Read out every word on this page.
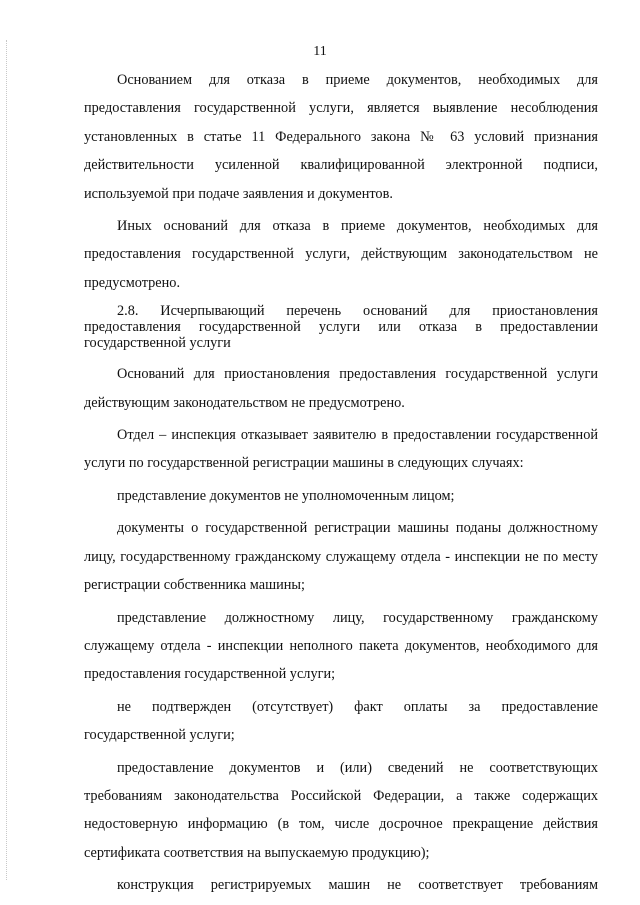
11

Основанием для отказа в приеме документов, необходимых для предоставления государственной услуги, является выявление несоблюдения установленных в статье 11 Федерального закона № 63 условий признания действительности усиленной квалифицированной электронной подписи, используемой при подаче заявления и документов.

Иных оснований для отказа в приеме документов, необходимых для предоставления государственной услуги, действующим законодательством не предусмотрено.

2.8. Исчерпывающий перечень оснований для приостановления предоставления государственной услуги или отказа в предоставлении государственной услуги

Оснований для приостановления предоставления государственной услуги действующим законодательством не предусмотрено.

Отдел – инспекция отказывает заявителю в предоставлении государственной услуги по государственной регистрации машины в следующих случаях:

представление документов не уполномоченным лицом;

документы о государственной регистрации машины поданы должностному лицу, государственному гражданскому служащему отдела - инспекции не по месту регистрации собственника машины;

представление должностному лицу, государственному гражданскому служащему отдела - инспекции неполного пакета документов, необходимого для предоставления государственной услуги;

не подтвержден (отсутствует) факт оплаты за предоставление государственной услуги;

предоставление документов и (или) сведений не соответствующих требованиям законодательства Российской Федерации, а также содержащих недостоверную информацию (в том, числе досрочное прекращение действия сертификата соответствия на выпускаемую продукцию);

конструкция регистрируемых машин не соответствует требованиям
